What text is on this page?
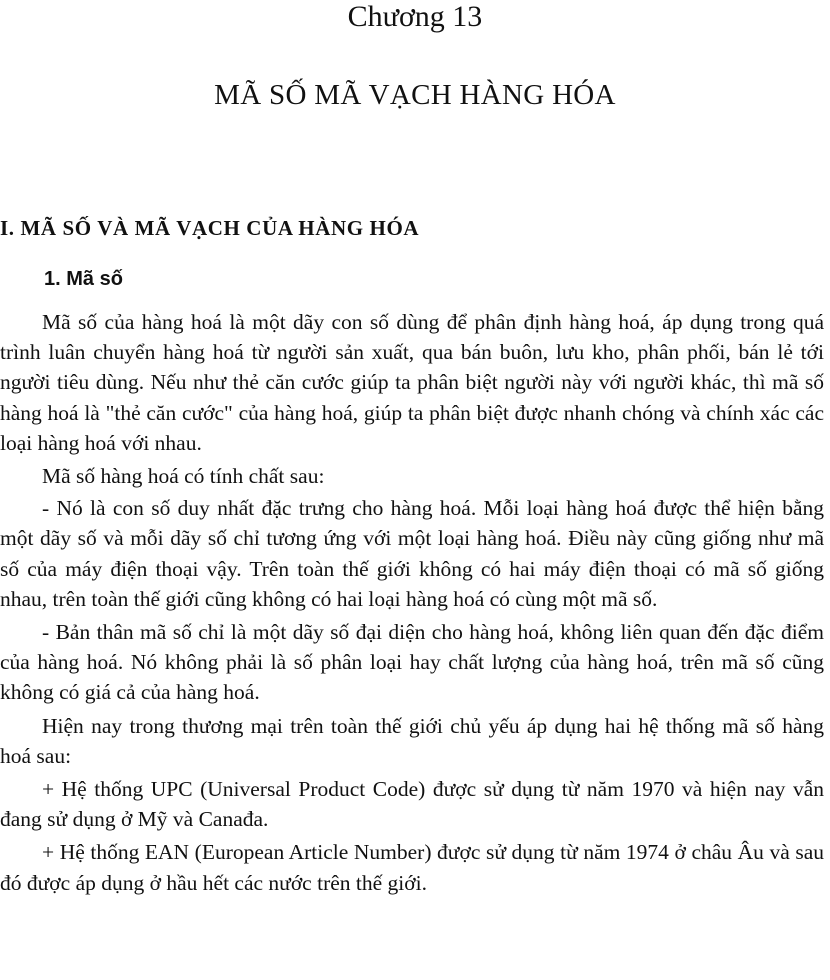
Chương 13
MÃ SỐ MÃ VẠCH HÀNG HÓA
I. MÃ SỐ VÀ MÃ VẠCH CỦA HÀNG HÓA
1. Mã số

Mã số của hàng hoá là một dãy con số dùng để phân định hàng hoá, áp dụng trong quá trình luân chuyển hàng hoá từ người sản xuất, qua bán buôn, lưu kho, phân phối, bán lẻ tới người tiêu dùng. Nếu như thẻ căn cước giúp ta phân biệt người này với người khác, thì mã số hàng hoá là "thẻ căn cước" của hàng hoá, giúp ta phân biệt được nhanh chóng và chính xác các loại hàng hoá với nhau.

Mã số hàng hoá có tính chất sau:

- Nó là con số duy nhất đặc trưng cho hàng hoá. Mỗi loại hàng hoá được thể hiện bằng một dãy số và mỗi dãy số chỉ tương ứng với một loại hàng hoá. Điều này cũng giống như mã số của máy điện thoại vậy. Trên toàn thế giới không có hai máy điện thoại có mã số giống nhau, trên toàn thế giới cũng không có hai loại hàng hoá có cùng một mã số.

- Bản thân mã số chỉ là một dãy số đại diện cho hàng hoá, không liên quan đến đặc điểm của hàng hoá. Nó không phải là số phân loại hay chất lượng của hàng hoá, trên mã số cũng không có giá cả của hàng hoá.

Hiện nay trong thương mại trên toàn thế giới chủ yếu áp dụng hai hệ thống mã số hàng hoá sau:

+ Hệ thống UPC (Universal Product Code) được sử dụng từ năm 1970 và hiện nay vẫn đang sử dụng ở Mỹ và Canađa.

+ Hệ thống EAN (European Article Number) được sử dụng từ năm 1974 ở châu Âu và sau đó được áp dụng ở hầu hết các nước trên thế giới.
